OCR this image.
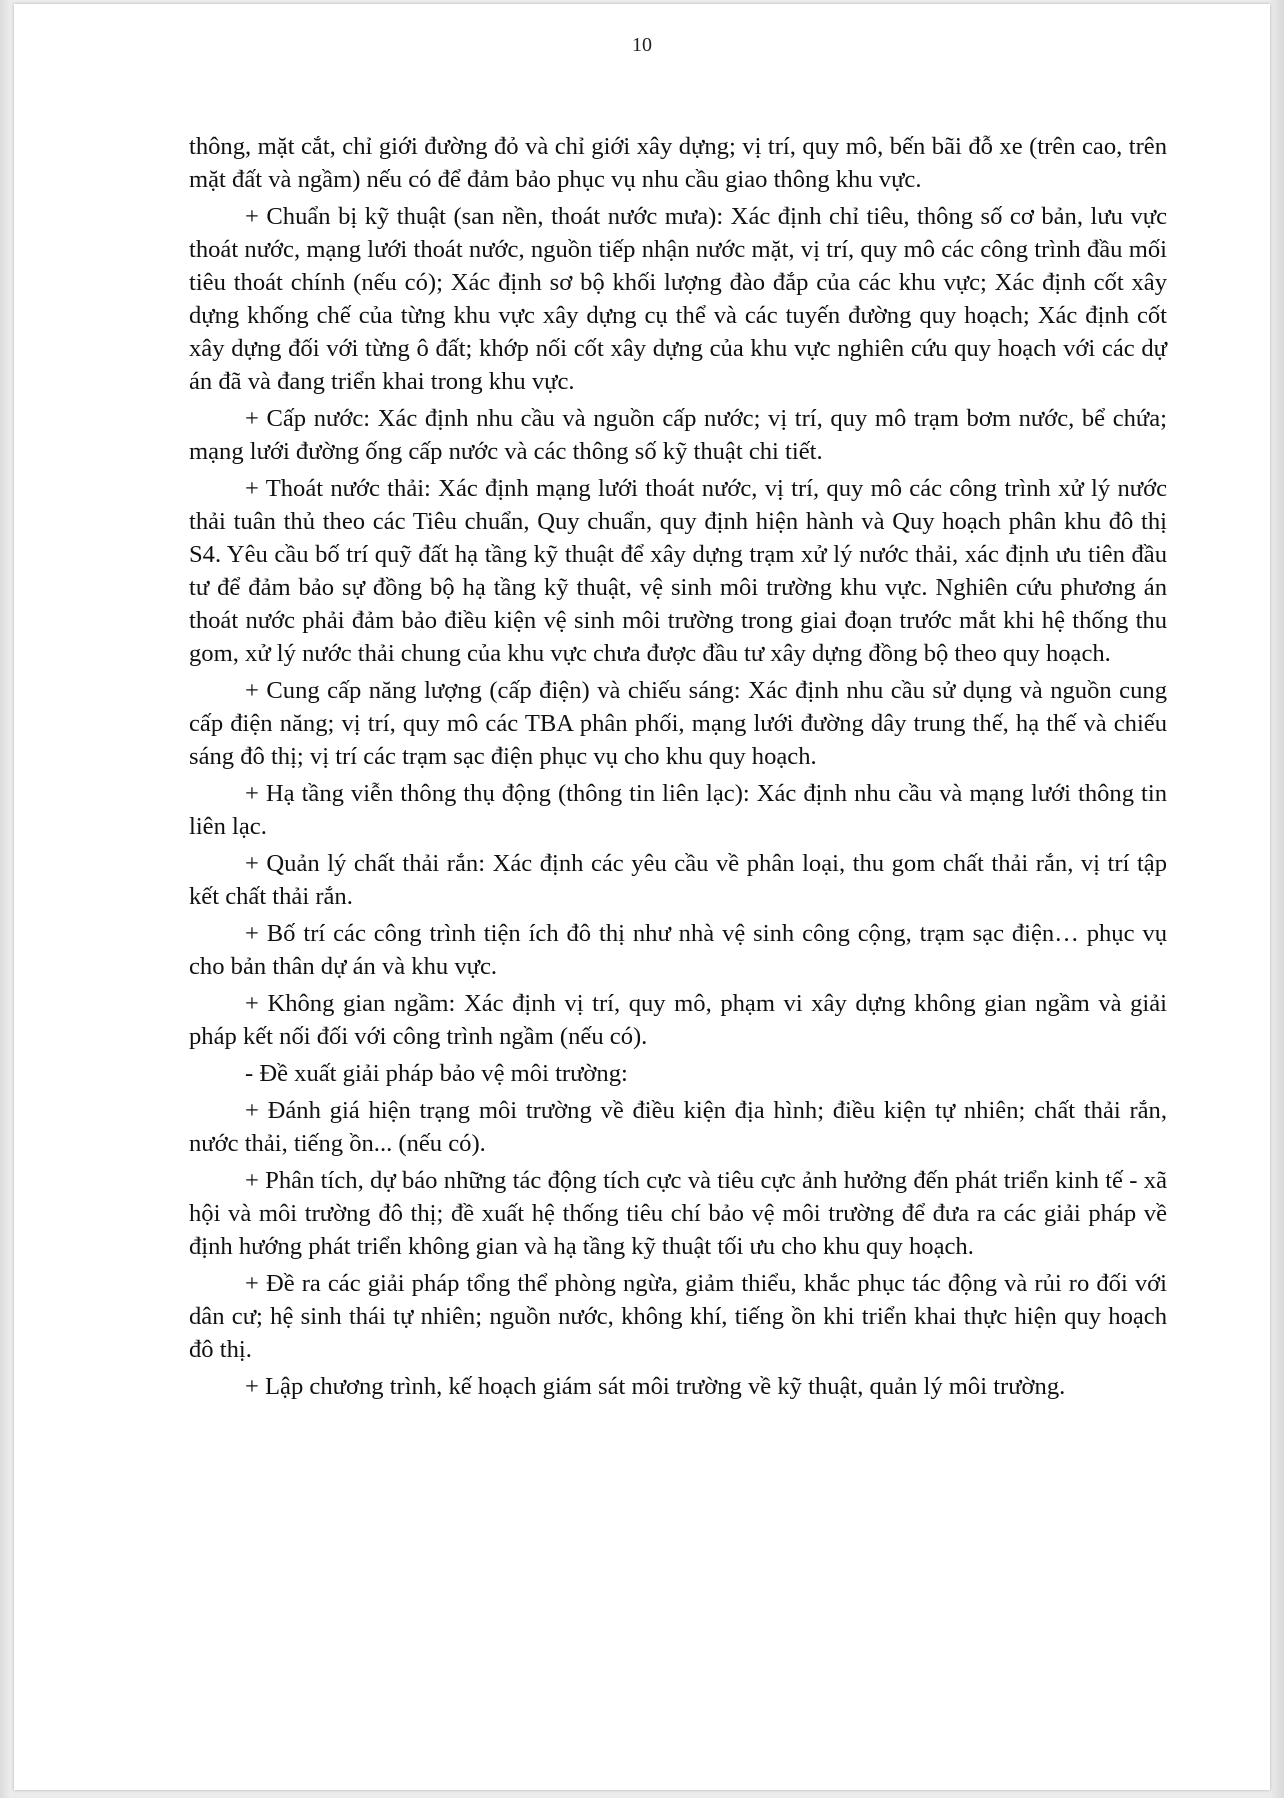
10

thông, mặt cắt, chỉ giới đường đỏ và chỉ giới xây dựng; vị trí, quy mô, bến bãi đỗ xe (trên cao, trên mặt đất và ngầm) nếu có để đảm bảo phục vụ nhu cầu giao thông khu vực.

+ Chuẩn bị kỹ thuật (san nền, thoát nước mưa): Xác định chỉ tiêu, thông số cơ bản, lưu vực thoát nước, mạng lưới thoát nước, nguồn tiếp nhận nước mặt, vị trí, quy mô các công trình đầu mối tiêu thoát chính (nếu có); Xác định sơ bộ khối lượng đào đắp của các khu vực; Xác định cốt xây dựng khống chế của từng khu vực xây dựng cụ thể và các tuyến đường quy hoạch; Xác định cốt xây dựng đối với từng ô đất; khớp nối cốt xây dựng của khu vực nghiên cứu quy hoạch với các dự án đã và đang triển khai trong khu vực.

+ Cấp nước: Xác định nhu cầu và nguồn cấp nước; vị trí, quy mô trạm bơm nước, bể chứa; mạng lưới đường ống cấp nước và các thông số kỹ thuật chi tiết.

+ Thoát nước thải: Xác định mạng lưới thoát nước, vị trí, quy mô các công trình xử lý nước thải tuân thủ theo các Tiêu chuẩn, Quy chuẩn, quy định hiện hành và Quy hoạch phân khu đô thị S4. Yêu cầu bố trí quỹ đất hạ tầng kỹ thuật để xây dựng trạm xử lý nước thải, xác định ưu tiên đầu tư để đảm bảo sự đồng bộ hạ tầng kỹ thuật, vệ sinh môi trường khu vực. Nghiên cứu phương án thoát nước phải đảm bảo điều kiện vệ sinh môi trường trong giai đoạn trước mắt khi hệ thống thu gom, xử lý nước thải chung của khu vực chưa được đầu tư xây dựng đồng bộ theo quy hoạch.

+ Cung cấp năng lượng (cấp điện) và chiếu sáng: Xác định nhu cầu sử dụng và nguồn cung cấp điện năng; vị trí, quy mô các TBA phân phối, mạng lưới đường dây trung thế, hạ thế và chiếu sáng đô thị; vị trí các trạm sạc điện phục vụ cho khu quy hoạch.

+ Hạ tầng viễn thông thụ động (thông tin liên lạc): Xác định nhu cầu và mạng lưới thông tin liên lạc.

+ Quản lý chất thải rắn: Xác định các yêu cầu về phân loại, thu gom chất thải rắn, vị trí tập kết chất thải rắn.

+ Bố trí các công trình tiện ích đô thị như nhà vệ sinh công cộng, trạm sạc điện… phục vụ cho bản thân dự án và khu vực.

+ Không gian ngầm: Xác định vị trí, quy mô, phạm vi xây dựng không gian ngầm và giải pháp kết nối đối với công trình ngầm (nếu có).

- Đề xuất giải pháp bảo vệ môi trường:

+ Đánh giá hiện trạng môi trường về điều kiện địa hình; điều kiện tự nhiên; chất thải rắn, nước thải, tiếng ồn... (nếu có).

+ Phân tích, dự báo những tác động tích cực và tiêu cực ảnh hưởng đến phát triển kinh tế - xã hội và môi trường đô thị; đề xuất hệ thống tiêu chí bảo vệ môi trường để đưa ra các giải pháp về định hướng phát triển không gian và hạ tầng kỹ thuật tối ưu cho khu quy hoạch.

+ Đề ra các giải pháp tổng thể phòng ngừa, giảm thiểu, khắc phục tác động và rủi ro đối với dân cư; hệ sinh thái tự nhiên; nguồn nước, không khí, tiếng ồn khi triển khai thực hiện quy hoạch đô thị.

+ Lập chương trình, kế hoạch giám sát môi trường về kỹ thuật, quản lý môi trường.
